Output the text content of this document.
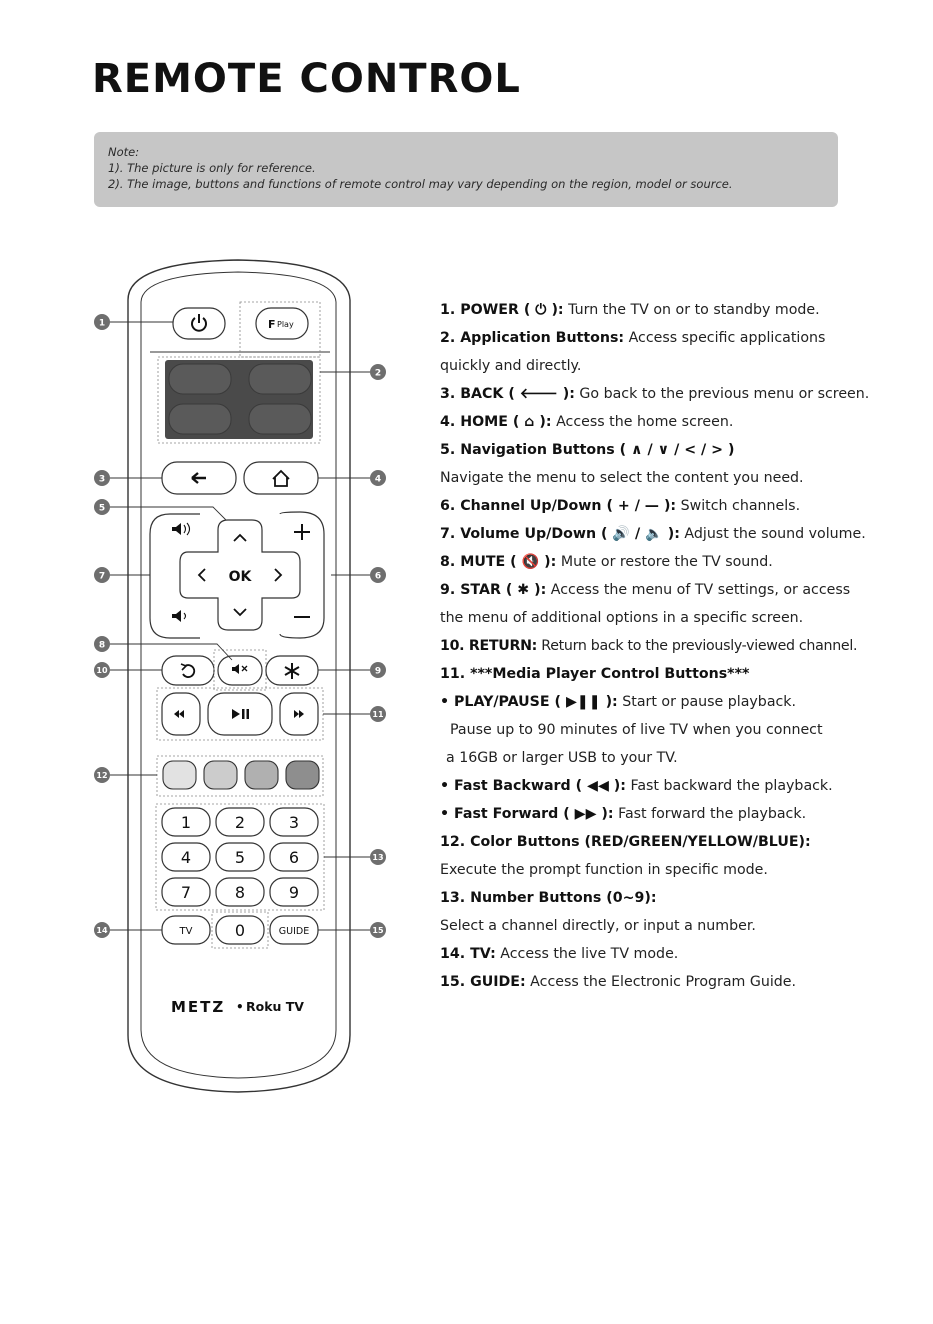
REMOTE CONTROL
Note:
1). The picture is only for reference.
2). The image, buttons and functions of remote control may vary depending on the region, model or source.
F Play
OK
1	2	3
4	5	6
7	8	9
TV	0	GUIDE
METZ • Roku TV
1
2
3	4
5
6
7
8
9
10
11
12
13
14	15
1. POWER ( ⏻ ): Turn the TV on or to standby mode.
2. Application Buttons: Access specific applications
quickly and directly.
3. BACK ( 🡐 ): Go back to the previous menu or screen.
4. HOME ( ⌂ ): Access the home screen.
5. Navigation Buttons ( ∧ / ∨ / < / > )
Navigate the menu to select the content you need.
6. Channel Up/Down ( + / — ): Switch channels.
7. Volume Up/Down ( 🔊 / 🔈 ): Adjust the sound volume.
8. MUTE ( 🔇 ): Mute or restore the TV sound.
9. STAR ( ✱ ): Access the menu of TV settings, or access
the menu of additional options in a specific screen.
10. RETURN: Return back to the previously-viewed channel.
11. ***Media Player Control Buttons***
• PLAY/PAUSE ( ▶❚❚ ): Start or pause playback.
Pause up to 90 minutes of live TV when you connect
a 16GB or larger USB to your TV.
• Fast Backward ( ◀◀ ): Fast backward the playback.
• Fast Forward ( ▶▶ ): Fast forward the playback.
12. Color Buttons (RED/GREEN/YELLOW/BLUE):
Execute the prompt function in specific mode.
13. Number Buttons (0~9):
Select a channel directly, or input a number.
14. TV: Access the live TV mode.
15. GUIDE: Access the Electronic Program Guide.
